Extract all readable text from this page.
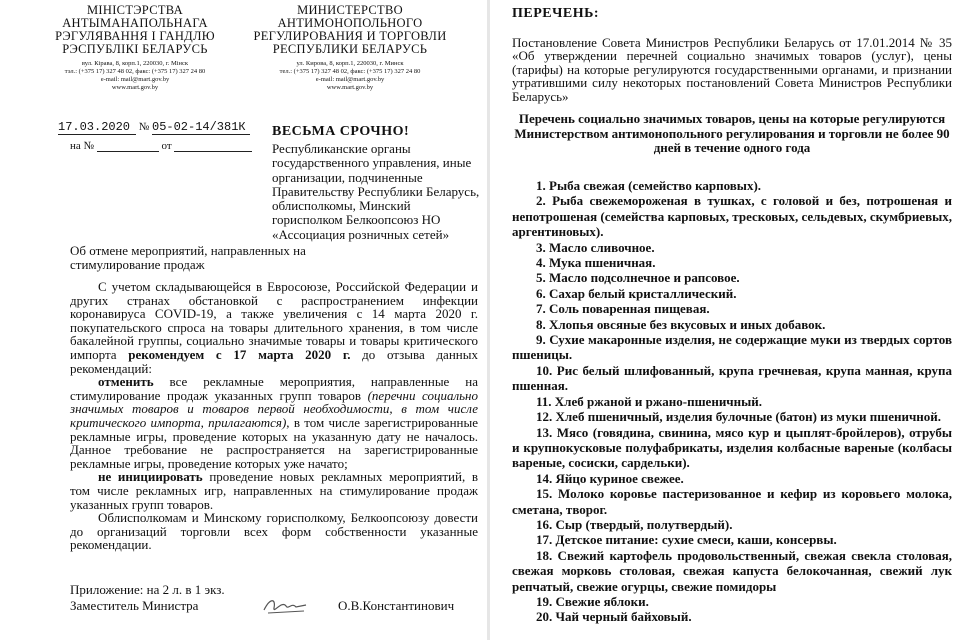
МІНІСТЭРСТВА АНТЫМАНАПОЛЬНАГА РЭГУЛЯВАННЯ І ГАНДЛЮ РЭСПУБЛІКІ БЕЛАРУСЬ
вул. Кірава, 8, корп.1, 220030, г. Мінск
тэл.: (+375 17) 327 48 02, факс: (+375 17) 327 24 80
e-mail: mail@mart.gov.by
www.mart.gov.by
МИНИСТЕРСТВО АНТИМОНОПОЛЬНОГО РЕГУЛИРОВАНИЯ И ТОРГОВЛИ РЕСПУБЛИКИ БЕЛАРУСЬ
ул. Кирова, 8, корп.1, 220030, г. Минск
тел.: (+375 17) 327 48 02, факс: (+375 17) 327 24 80
e-mail: mail@mart.gov.by
www.mart.gov.by
17.03.2020 № 05-02-14/381К
на №	от
ВЕСЬМА СРОЧНО!
Республиканские органы государственного управления, иные организации, подчиненные Правительству Республики Беларусь, облисполкомы, Минский горисполком Белкоопсоюз НО «Ассоциация розничных сетей»
Об отмене мероприятий, направленных на стимулирование продаж

С учетом складывающейся в Евросоюзе, Российской Федерации и других странах обстановкой с распространением инфекции коронавируса COVID-19, а также увеличения с 14 марта 2020 г. покупательского спроса на товары длительного хранения, в том числе бакалейной группы, социально значимые товары и товары критического импорта рекомендуем с 17 марта 2020 г. до отзыва данных рекомендаций:

отменить все рекламные мероприятия, направленные на стимулирование продаж указанных групп товаров (перечни социально значимых товаров и товаров первой необходимости, в том числе критического импорта, прилагаются), в том числе зарегистрированные рекламные игры, проведение которых на указанную дату не началось. Данное требование не распространяется на зарегистрированные рекламные игры, проведение которых уже начато;

не инициировать проведение новых рекламных мероприятий, в том числе рекламных игр, направленных на стимулирование продаж указанных групп товаров.

Облисполкомам и Минскому горисполкому, Белкоопсоюзу довести до организаций торговли всех форм собственности указанные рекомендации.

Приложение: на 2 л. в 1 экз.
Заместитель Министра	О.В.Константинович
ПЕРЕЧЕНЬ:
Постановление Совета Министров Республики Беларусь от 17.01.2014 № 35 «Об утверждении перечней социально значимых товаров (услуг), цены (тарифы) на которые регулируются государственными органами, и признании утратившими силу некоторых постановлений Совета Министров Республики Беларусь»
Перечень социально значимых товаров, цены на которые регулируются Министерством антимонопольного регулирования и торговли не более 90 дней в течение одного года

1. Рыба свежая (семейство карповых).

2. Рыба свежемороженая в тушках, с головой и без, потрошеная и непотрошеная (семейства карповых, тресковых, сельдевых, скумбриевых, аргентиновых).

3. Масло сливочное.

4. Мука пшеничная.

5. Масло подсолнечное и рапсовое.

6. Сахар белый кристаллический.

7. Соль поваренная пищевая.

8. Хлопья овсяные без вкусовых и иных добавок.

9. Сухие макаронные изделия, не содержащие муки из твердых сортов пшеницы.

10. Рис белый шлифованный, крупа гречневая, крупа манная, крупа пшенная.

11. Хлеб ржаной и ржано-пшеничный.

12. Хлеб пшеничный, изделия булочные (батон) из муки пшеничной.

13. Мясо (говядина, свинина, мясо кур и цыплят-бройлеров), отрубы и крупнокусковые полуфабрикаты, изделия колбасные вареные (колбасы вареные, сосиски, сардельки).

14. Яйцо куриное свежее.

15. Молоко коровье пастеризованное и кефир из коровьего молока, сметана, творог.

16. Сыр (твердый, полутвердый).

17. Детское питание: сухие смеси, каши, консервы.

18. Свежий картофель продовольственный, свежая свекла столовая, свежая морковь столовая, свежая капуста белокочанная, свежий лук репчатый, свежие огурцы, свежие помидоры

19. Свежие яблоки.

20. Чай черный байховый.
